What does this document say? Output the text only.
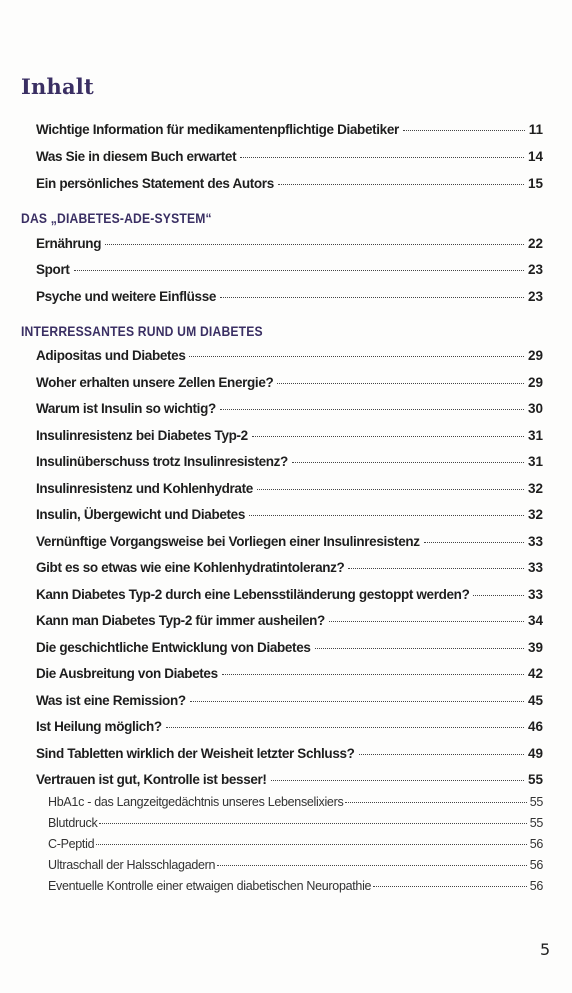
Inhalt
Wichtige Information für medikamentenpflichtige Diabetiker	11
Was Sie in diesem Buch erwartet	14
Ein persönliches Statement des Autors	15
DAS „DIABETES-ADE-SYSTEM“
Ernährung	22
Sport	23
Psyche und weitere Einflüsse	23
INTERRESSANTES RUND UM DIABETES
Adipositas und Diabetes	29
Woher erhalten unsere Zellen Energie?	29
Warum ist Insulin so wichtig?	30
Insulinresistenz bei Diabetes Typ-2	31
Insulinüberschuss trotz Insulinresistenz?	31
Insulinresistenz und Kohlenhydrate	32
Insulin, Übergewicht und Diabetes	32
Vernünftige Vorgangsweise bei Vorliegen einer Insulinresistenz	33
Gibt es so etwas wie eine Kohlenhydratintoleranz?	33
Kann Diabetes Typ-2 durch eine Lebensstiländerung gestoppt werden?	33
Kann man Diabetes Typ-2 für immer ausheilen?	34
Die geschichtliche Entwicklung von Diabetes	39
Die Ausbreitung von Diabetes	42
Was ist eine Remission?	45
Ist Heilung möglich?	46
Sind Tabletten wirklich der Weisheit letzter Schluss?	49
Vertrauen ist gut, Kontrolle ist besser!	55
HbA1c - das Langzeitgedächtnis unseres Lebenselixiers	55
Blutdruck	55
C-Peptid	56
Ultraschall der Halsschlagadern	56
Eventuelle Kontrolle einer etwaigen diabetischen Neuropathie	56
5
